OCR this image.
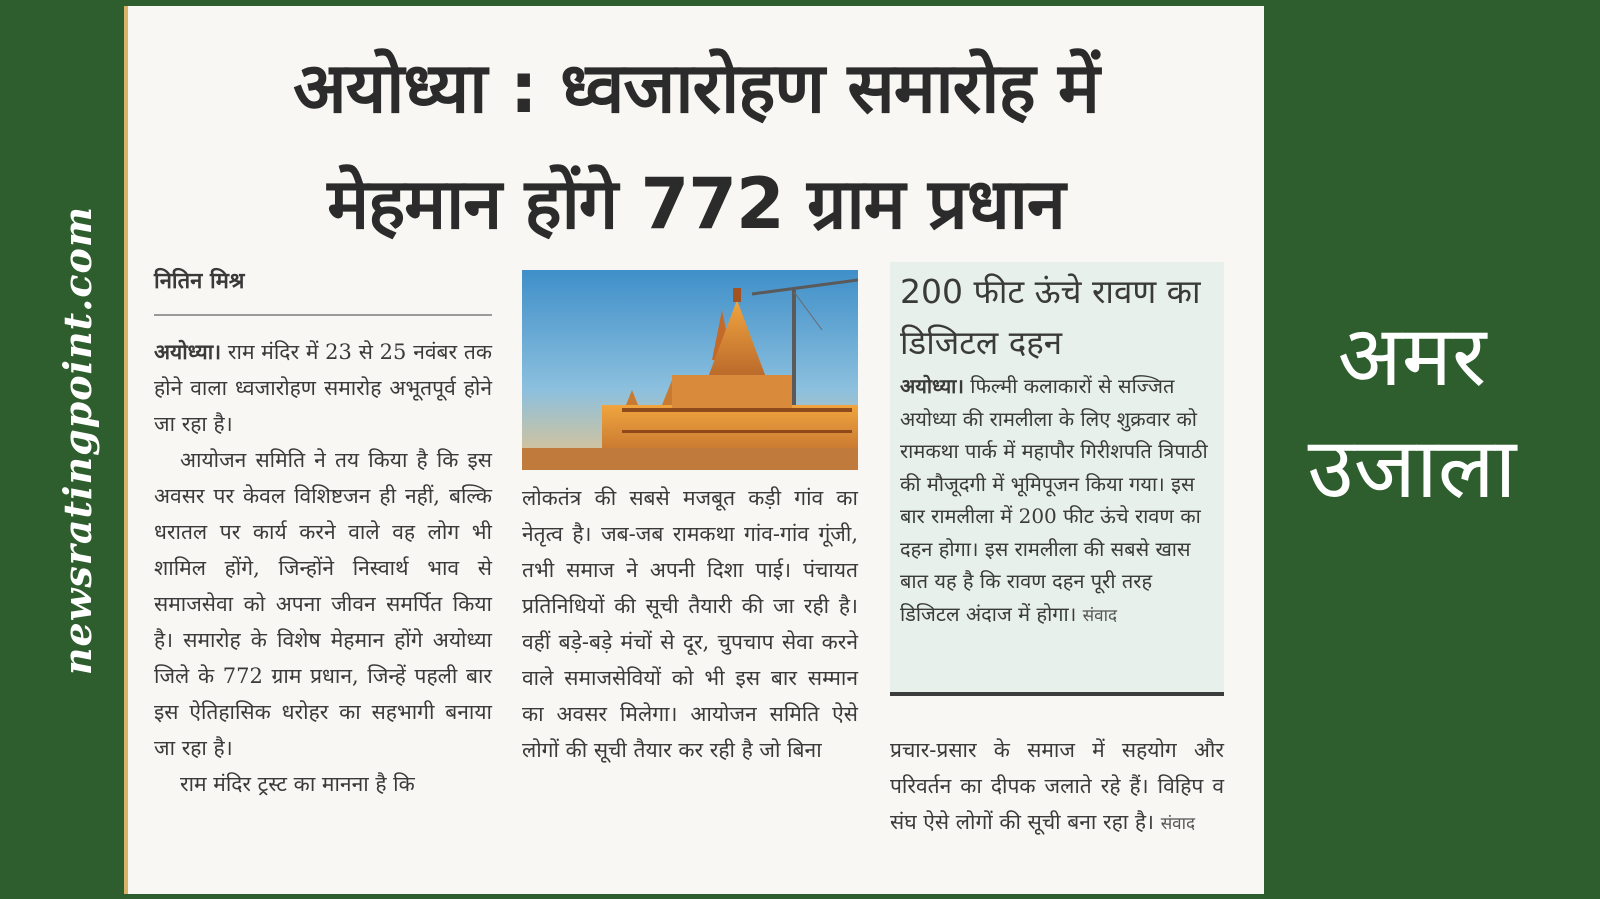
newsratingpoint.com
अयोध्या : ध्वजारोहण समारोह में
मेहमान होंगे 772 ग्राम प्रधान
नितिन मिश्र

अयोध्या। राम मंदिर में 23 से 25 नवंबर तक होने वाला ध्वजारोहण समारोह अभूतपूर्व होने जा रहा है।

आयोजन समिति ने तय किया है कि इस अवसर पर केवल विशिष्टजन ही नहीं, बल्कि धरातल पर कार्य करने वाले वह लोग भी शामिल होंगे, जिन्होंने निस्वार्थ भाव से समाजसेवा को अपना जीवन समर्पित किया है। समारोह के विशेष मेहमान होंगे अयोध्या जिले के 772 ग्राम प्रधान, जिन्हें पहली बार इस ऐतिहासिक धरोहर का सहभागी बनाया जा रहा है।

राम मंदिर ट्रस्ट का मानना है कि

लोकतंत्र की सबसे मजबूत कड़ी गांव का नेतृत्व है। जब-जब रामकथा गांव-गांव गूंजी, तभी समाज ने अपनी दिशा पाई। पंचायत प्रतिनिधियों की सूची तैयारी की जा रही है। वहीं बड़े-बड़े मंचों से दूर, चुपचाप सेवा करने वाले समाजसेवियों को भी इस बार सम्मान का अवसर मिलेगा। आयोजन समिति ऐसे लोगों की सूची तैयार कर रही है जो बिना

200 फीट ऊंचे रावण का डिजिटल दहन
अयोध्या। फिल्मी कलाकारों से सज्जित अयोध्या की रामलीला के लिए शुक्रवार को रामकथा पार्क में महापौर गिरीशपति त्रिपाठी की मौजूदगी में भूमिपूजन किया गया। इस बार रामलीला में 200 फीट ऊंचे रावण का दहन होगा। इस रामलीला की सबसे खास बात यह है कि रावण दहन पूरी तरह डिजिटल अंदाज में होगा। संवाद

प्रचार-प्रसार के समाज में सहयोग और परिवर्तन का दीपक जलाते रहे हैं। विहिप व संघ ऐसे लोगों की सूची बना रहा है। संवाद

अमर
उजाला
